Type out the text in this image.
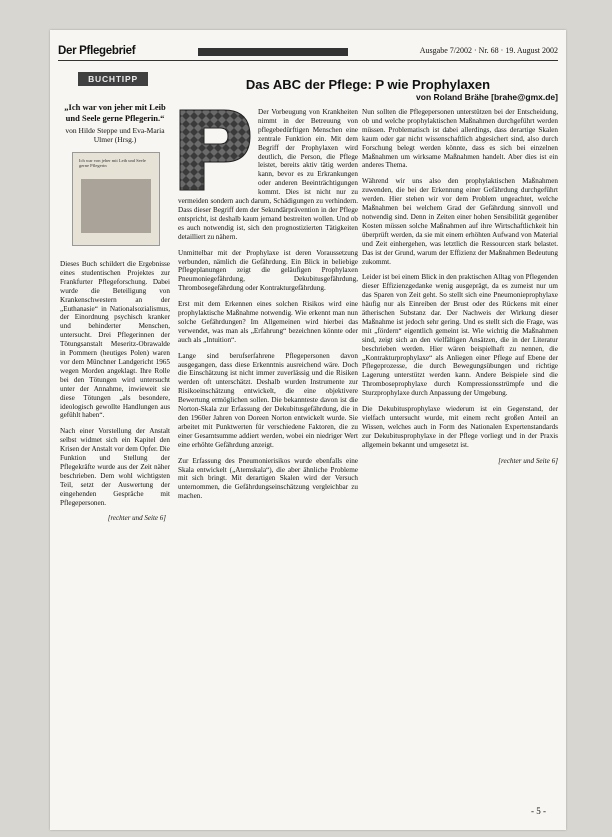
Der Pflegebrief	Ausgabe 7/2002 · Nr. 68 · 19. August 2002
BUCHTIPP
„Ich war von jeher mit Leib und Seele gerne Pflegerin.“
von Hilde Steppe und Eva-Maria Ulmer (Hrsg.)
Ich war von jeher mit Leib und Seele gerne Pflegerin

Dieses Buch schildert die Ergebnisse eines studentischen Projektes zur Frankfurter Pflegeforschung. Dabei wurde die Beteiligung von Krankenschwestern an der „Euthanasie“ in Nationalsozialismus, der Einordnung psychisch kranker und behinderter Menschen, untersucht. Drei Pflegerinnen der Tötungsanstalt Meseritz-Obrawalde in Pommern (heutiges Polen) waren vor dem Münchner Landgericht 1965 wegen Morden angeklagt. Ihre Rolle bei den Tötungen wird untersucht unter der Annahme, inwieweit sie diese Tötungen „als besondere, ideologisch gewollte Handlungen aus gefühlt haben“.

Nach einer Vorstellung der Anstalt selbst widmet sich ein Kapitel den Krisen der Anstalt vor dem Opfer. Die Funktion und Stellung der Pflegekräfte wurde aus der Zeit näher beschrieben. Dem wohl wichtigsten Teil, setzt der Auswertung der eingehenden Gespräche mit Pflegepersonen.

[rechter und Seite 6]
Das ABC der Pflege: P wie Prophylaxen
von Roland Brähe [brahe@gmx.de]

Der Vorbeugung von Krankheiten nimmt in der Betreuung von pflegebedürftigen Menschen eine zentrale Funktion ein. Mit dem Begriff der Prophylaxen wird deutlich, die Person, die Pflege leistet, bereits aktiv tätig werden kann, bevor es zu Erkrankungen oder anderen Beeinträchtigungen kommt. Dies ist nicht nur zu vermeiden sondern auch darum, Schädigungen zu verhindern. Dass dieser Begriff dem der Sekundärprävention in der Pflege entspricht, ist deshalb kaum jemand bestreiten wollen. Und ob es auch notwendig ist, sich den prognostizierten Tätigkeiten detailliert zu nähern.

Unmittelbar mit der Prophylaxe ist deren Voraussetzung verbunden, nämlich die Gefährdung. Ein Blick in beliebige Pflegeplanungen zeigt die geläufigen Prophylaxen Pneumoniegefährdung, Dekubitusgefährdung, Thrombosegefährdung oder Kontrakturgefährdung.

Erst mit dem Erkennen eines solchen Risikos wird eine prophylaktische Maßnahme notwendig. Wie erkennt man nun solche Gefährdungen? Im Allgemeinen wird hierbei das verwendet, was man als „Erfahrung“ bezeichnen könnte oder auch als „Intuition“.

Lange sind berufserfahrene Pflegepersonen davon ausgegangen, dass diese Erkenntnis ausreichend wäre. Doch die Einschätzung ist nicht immer zuverlässig und die Risiken werden oft unterschätzt. Deshalb wurden Instrumente zur Risikoeinschätzung entwickelt, die eine objektivere Bewertung ermöglichen sollen. Die bekannteste davon ist die Norton-Skala zur Erfassung der Dekubitusgefährdung, die in den 1960er Jahren von Doreen Norton entwickelt wurde. Sie arbeitet mit Punktwerten für verschiedene Faktoren, die zu einer Gesamtsumme addiert werden, wobei ein niedriger Wert eine erhöhte Gefährdung anzeigt.

Zur Erfassung des Pneumonierisikos wurde ebenfalls eine Skala entwickelt („Atemskala“), die aber ähnliche Probleme mit sich bringt. Mit derartigen Skalen wird der Versuch unternommen, die Gefährdungseinschätzung vergleichbar zu machen.

Nun sollten die Pflegepersonen unterstützen bei der Entscheidung, ob und welche prophylaktischen Maßnahmen durchgeführt werden müssen. Problematisch ist dabei allerdings, dass derartige Skalen kaum oder gar nicht wissenschaftlich abgesichert sind, also durch Forschung belegt werden könnte, dass es sich bei einzelnen Maßnahmen um wirksame Maßnahmen handelt. Aber dies ist ein anderes Thema.

Während wir uns also den prophylaktischen Maßnahmen zuwenden, die bei der Erkennung einer Gefährdung durchgeführt werden. Hier stehen wir vor dem Problem ungeachtet, welche Maßnahmen bei welchem Grad der Gefährdung sinnvoll und notwendig sind. Denn in Zeiten einer hohen Sensibilität gegenüber Kosten müssen solche Maßnahmen auf ihre Wirtschaftlichkeit hin überprüft werden, da sie mit einem erhöhten Aufwand von Material und Zeit einhergehen, was letztlich die Ressourcen stark belastet. Das ist der Grund, warum der Effizienz der Maßnahmen Bedeutung zukommt.

Leider ist bei einem Blick in den praktischen Alltag von Pflegenden dieser Effizienzgedanke wenig ausgeprägt, da es zumeist nur um das Sparen von Zeit geht. So stellt sich eine Pneumonieprophylaxe häufig nur als Einreiben der Brust oder des Rückens mit einer ätherischen Substanz dar. Der Nachweis der Wirkung dieser Maßnahme ist jedoch sehr gering. Und es stellt sich die Frage, was mit „fördern“ eigentlich gemeint ist. Wie wichtig die Maßnahmen sind, zeigt sich an den vielfältigen Ansätzen, die in der Literatur beschrieben werden. Hier wären beispielhaft zu nennen, die „Kontrakturprophylaxe“ als Anliegen einer Pflege auf Ebene der Pflegeprozesse, die durch Bewegungsübungen und richtige Lagerung unterstützt werden kann. Andere Beispiele sind die Thromboseprophylaxe durch Kompressionsstrümpfe und die Sturzprophylaxe durch Anpassung der Umgebung.

Die Dekubitusprophylaxe wiederum ist ein Gegenstand, der vielfach untersucht wurde, mit einem recht großen Anteil an Wissen, welches auch in Form des Nationalen Expertenstandards zur Dekubitusprophylaxe in der Pflege vorliegt und in der Praxis allgemein bekannt und umgesetzt ist.

[rechter und Seite 6]
- 5 -
